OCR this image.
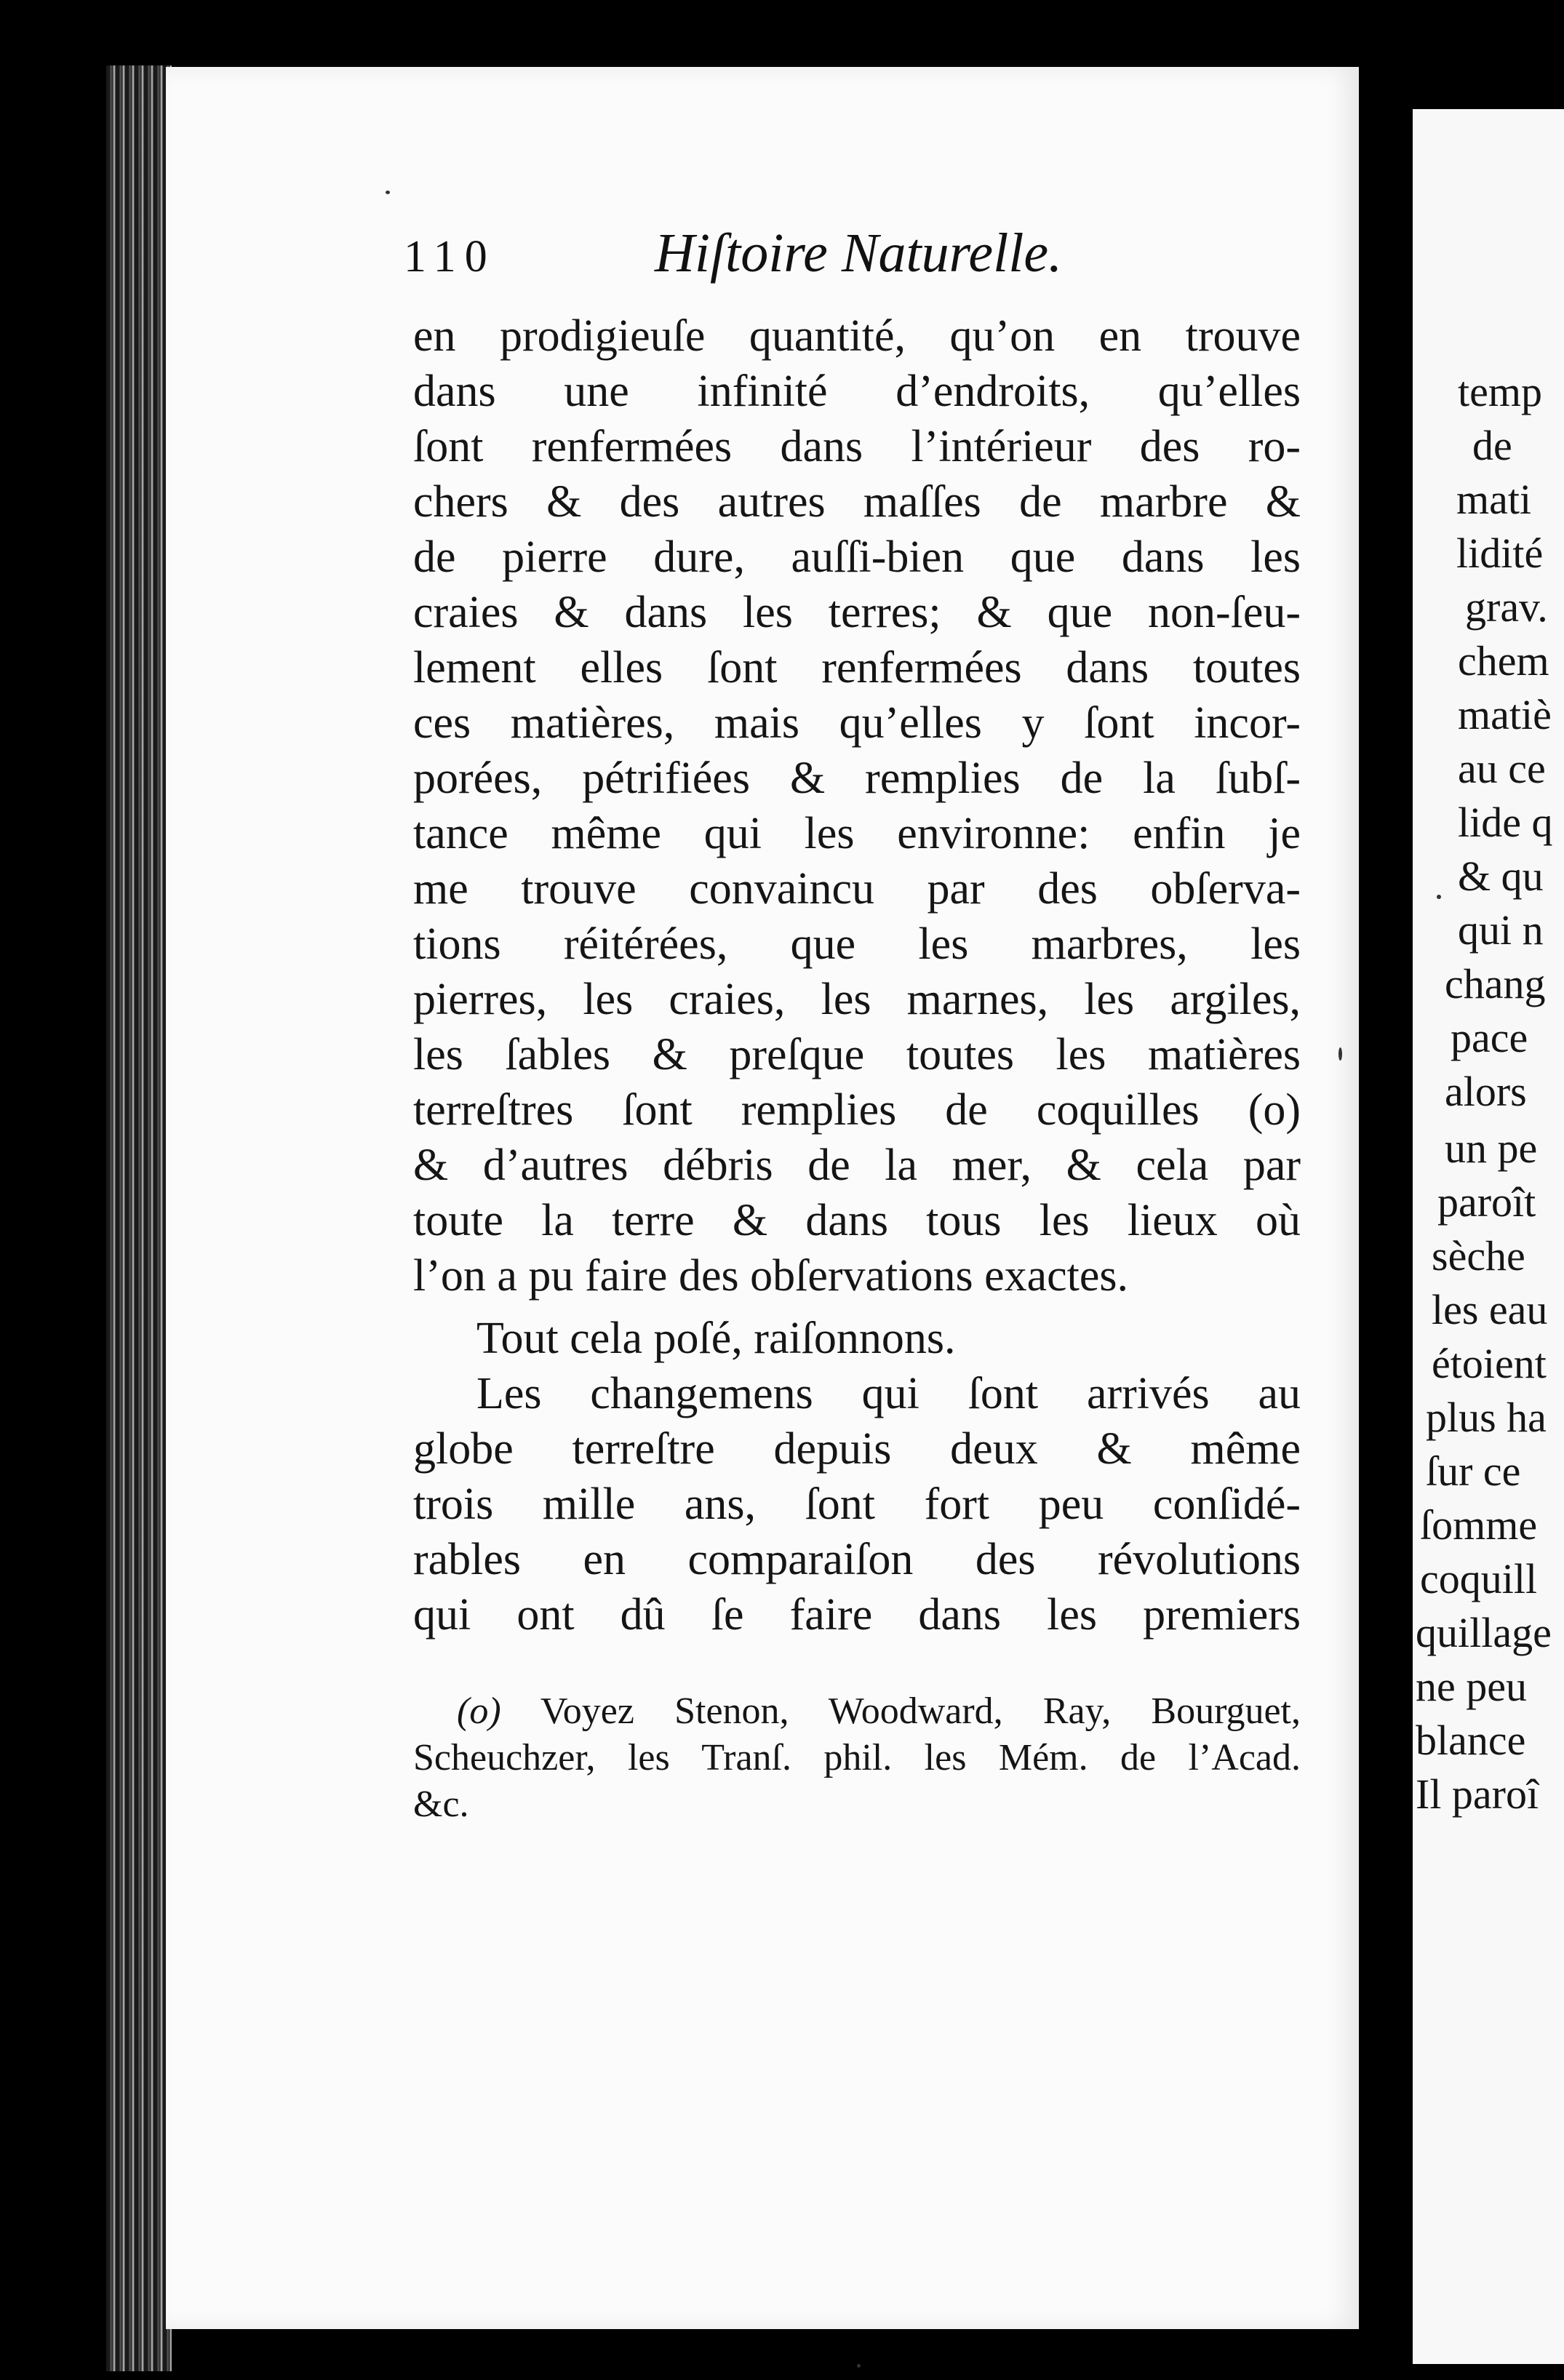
temp
de
mati
lidité
grav.
chem
matiè
au ce
lide q
& qu
qui n
chang
pace
alors
un pe
paroît
sèche
les eau
étoient
plus ha
ſur ce
ſomme
coquill
quillage
ne peu
blance
Il paroî
110	Hiſtoire Naturelle.
en prodigieuſe quantité, qu’on en trouve
dans une infinité d’endroits, qu’elles
ſont renfermées dans l’intérieur des ro-
chers & des autres maſſes de marbre &
de pierre dure, auſſi-bien que dans les
craies & dans les terres; & que non-ſeu-
lement elles ſont renfermées dans toutes
ces matières, mais qu’elles y ſont incor-
porées, pétrifiées & remplies de la ſubſ-
tance même qui les environne: enfin je
me trouve convaincu par des obſerva-
tions réitérées, que les marbres, les
pierres, les craies, les marnes, les argiles,
les ſables & preſque toutes les matières
terreſtres ſont remplies de coquilles (o)
& d’autres débris de la mer, & cela par
toute la terre & dans tous les lieux où
l’on a pu faire des obſervations exactes.
Tout cela poſé, raiſonnons.
Les changemens qui ſont arrivés au
globe terreſtre depuis deux & même
trois mille ans, ſont fort peu conſidé-
rables en comparaiſon des révolutions
qui ont dû ſe faire dans les premiers
(o) Voyez Stenon, Woodward, Ray, Bourguet,
Scheuchzer, les Tranſ. phil. les Mém. de l’Acad.
&c.
